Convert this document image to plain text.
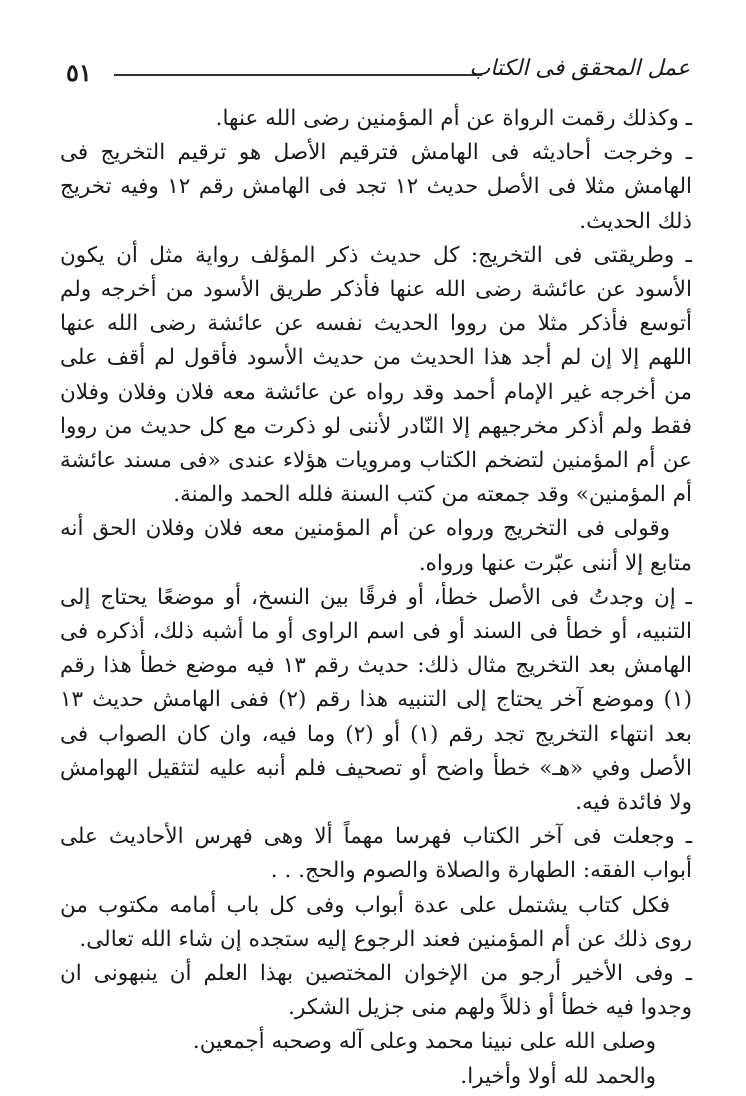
٥١	عمل المحقق فى الكتاب

ـ وكذلك رقمت الرواة عن أم المؤمنين رضى الله عنها.

ـ وخرجت أحاديثه فى الهامش فترقيم الأصل هو ترقيم التخريج فى الهامش مثلا فى الأصل حديث ١٢ تجد فى الهامش رقم ١٢ وفيه تخريج ذلك الحديث.

ـ وطريقتى فى التخريج: كل حديث ذكر المؤلف رواية مثل أن يكون الأسود عن عائشة رضى الله عنها فأذكر طريق الأسود من أخرجه ولم أتوسع فأذكر مثلا من رووا الحديث نفسه عن عائشة رضى الله عنها اللهم إلا إن لم أجد هذا الحديث من حديث الأسود فأقول لم أقف على من أخرجه غير الإمام أحمد وقد رواه عن عائشة معه فلان وفلان وفلان فقط ولم أذكر مخرجيهم إلا النّادر لأننى لو ذكرت مع كل حديث من رووا عن أم المؤمنين لتضخم الكتاب ومرويات هؤلاء عندى «فى مسند عائشة أم المؤمنين» وقد جمعته من كتب السنة فلله الحمد والمنة.

وقولى فى التخريج ورواه عن أم المؤمنين معه فلان وفلان الحق أنه متابع إلا أننى عبّرت عنها ورواه.

ـ إن وجدتُ فى الأصل خطأ، أو فرقًا بين النسخ، أو موضعًا يحتاج إلى التنبيه، أو خطأ فى السند أو فى اسم الراوى أو ما أشبه ذلك، أذكره فى الهامش بعد التخريج مثال ذلك: حديث رقم ١٣ فيه موضع خطأ هذا رقم (١) وموضع آخر يحتاج إلى التنبيه هذا رقم (٢) ففى الهامش حديث ١٣ بعد انتهاء التخريج تجد رقم (١) أو (٢) وما فيه، وان كان الصواب فى الأصل وفي «هـ» خطأ واضح أو تصحيف فلم أنبه عليه لتثقيل الهوامش ولا فائدة فيه.

ـ وجعلت فى آخر الكتاب فهرسا مهماً ألا وهى فهرس الأحاديث على أبواب الفقه: الطهارة والصلاة والصوم والحج. . .

فكل كتاب يشتمل على عدة أبواب وفى كل باب أمامه مكتوب من روى ذلك عن أم المؤمنين فعند الرجوع إليه ستجده إن شاء الله تعالى.

ـ وفى الأخير أرجو من الإخوان المختصين بهذا العلم أن ينبهونى ان وجدوا فيه خطأ أو ذللاً ولهم منى جزيل الشكر.

وصلى الله على نبينا محمد وعلى آله وصحبه أجمعين.

والحمد لله أولا وأخيرا.
